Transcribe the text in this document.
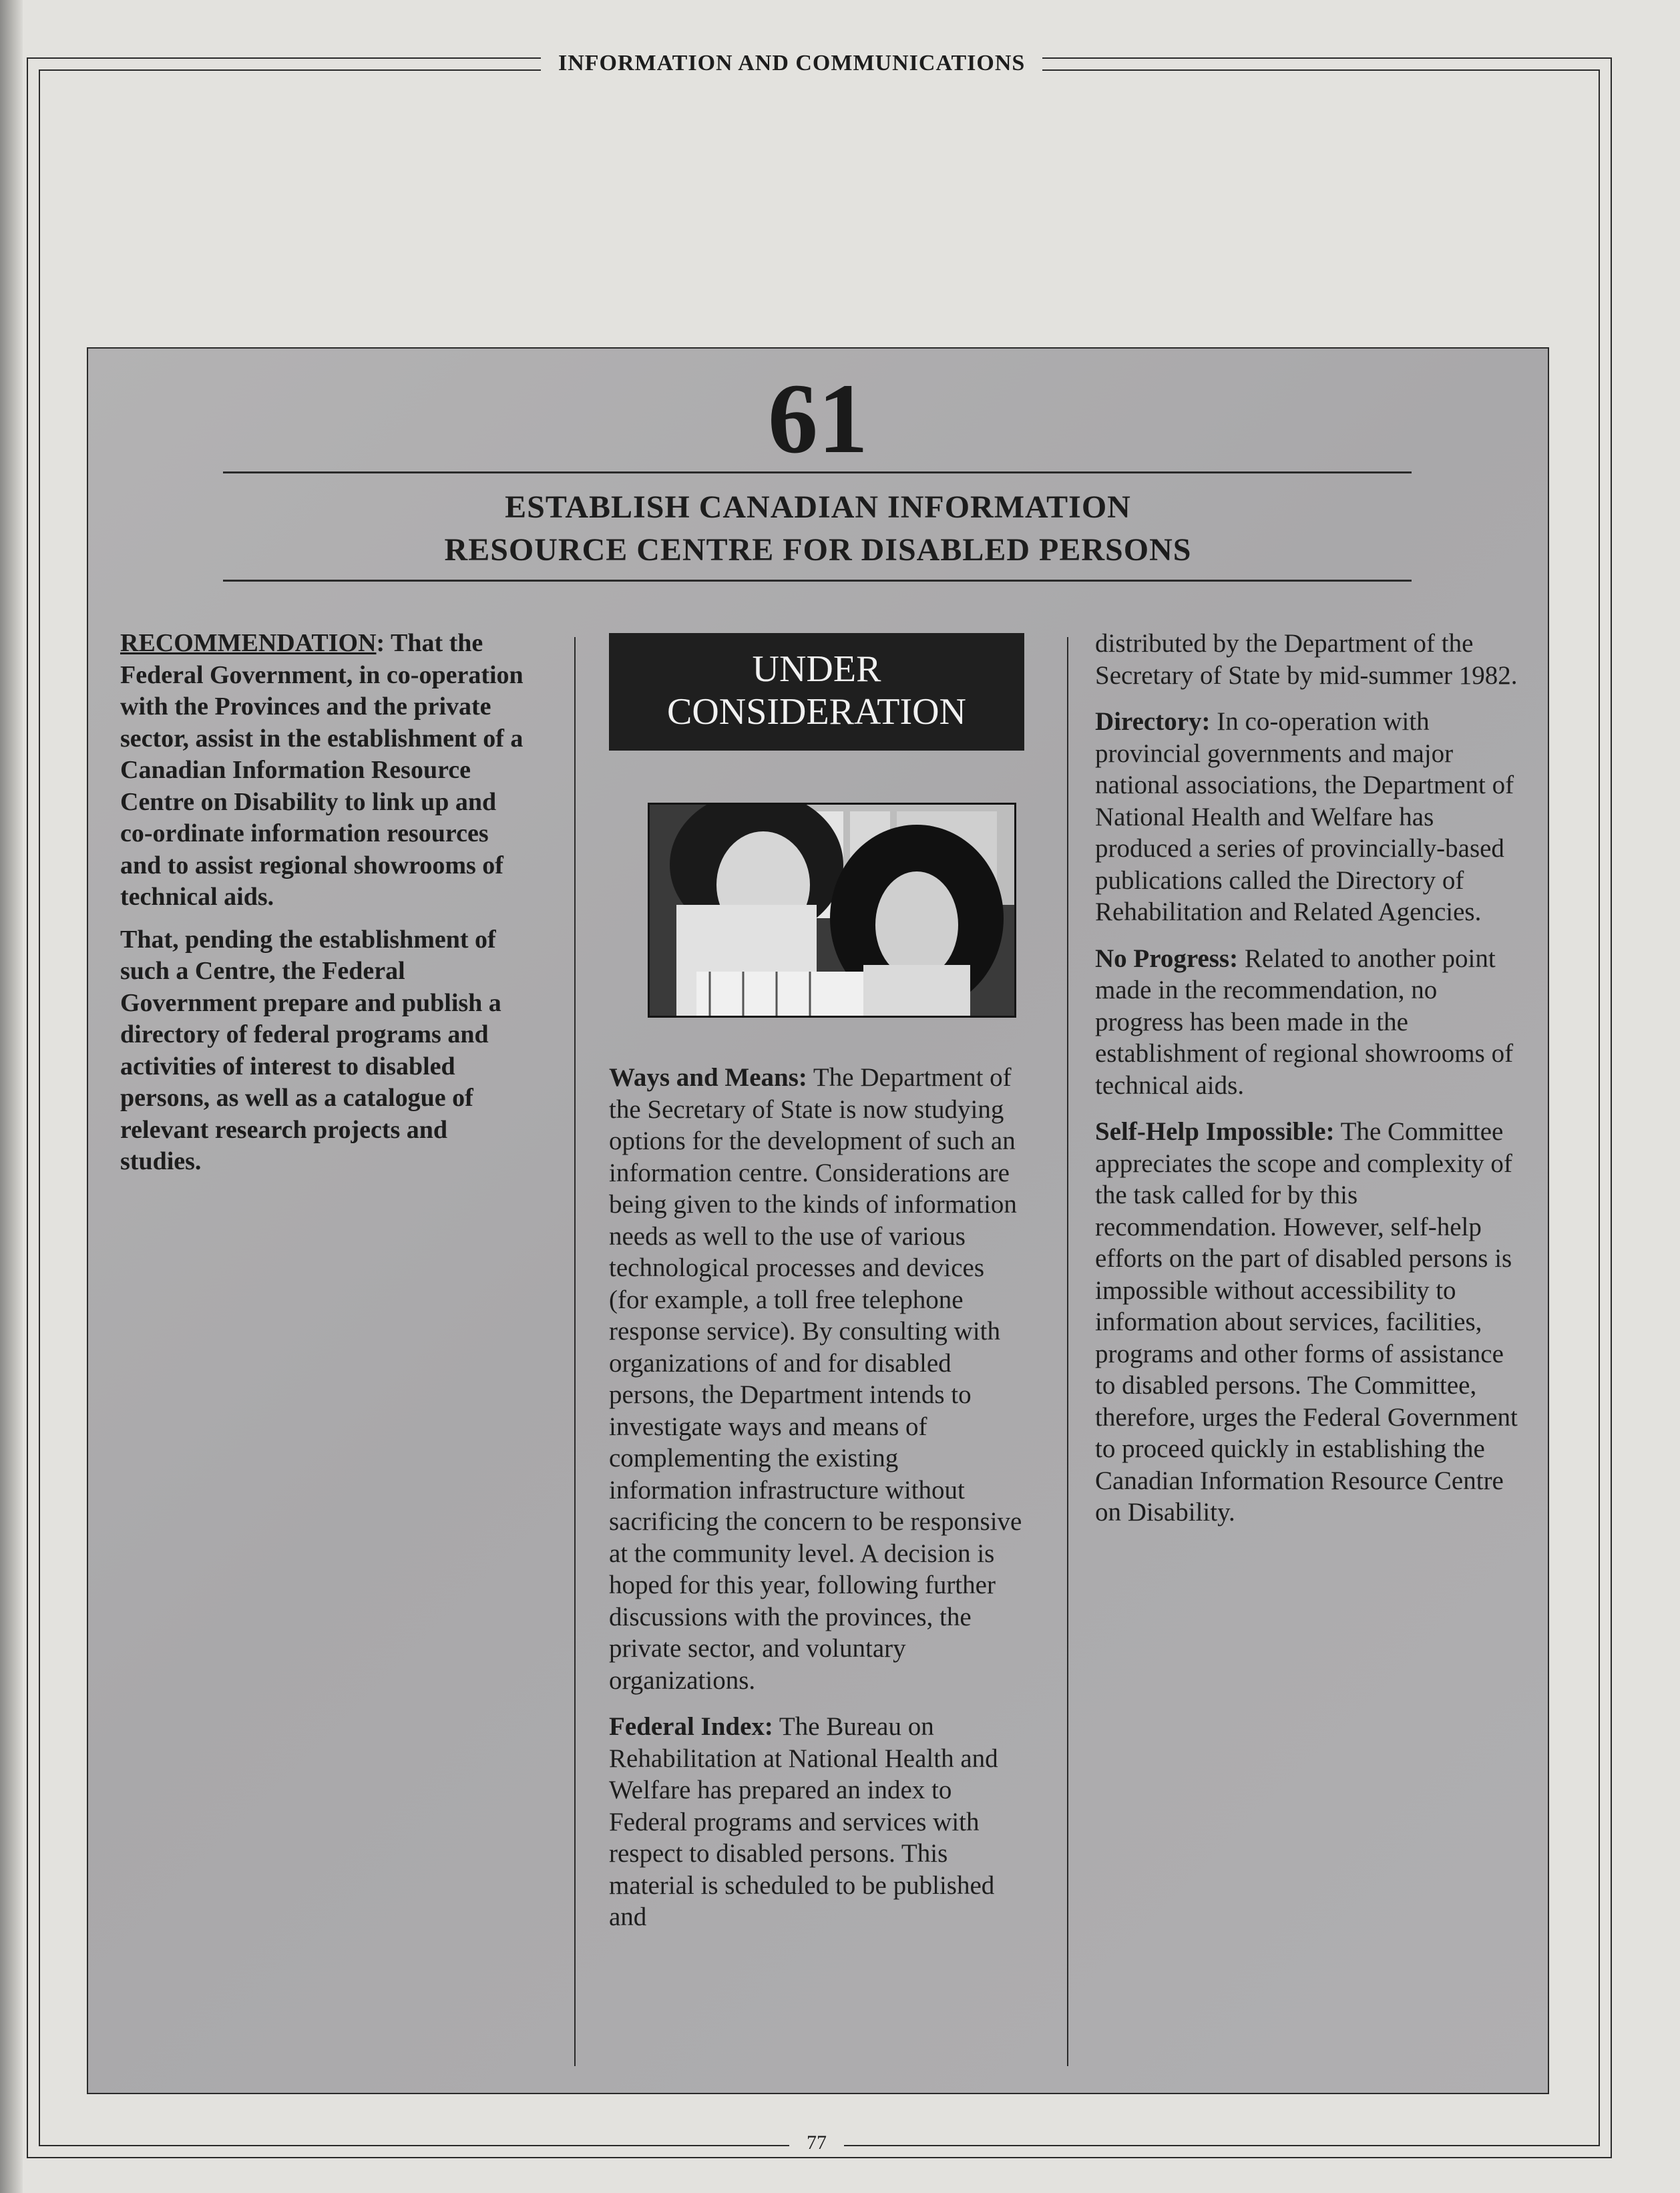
INFORMATION AND COMMUNICATIONS
77
61
ESTABLISH CANADIAN INFORMATION
RESOURCE CENTRE FOR DISABLED PERSONS

RECOMMENDATION: That the Federal Government, in co-operation with the Provinces and the private sector, assist in the establishment of a Canadian Information Resource Centre on Disability to link up and co-ordinate information resources and to assist regional showrooms of technical aids.

That, pending the establishment of such a Centre, the Federal Government prepare and publish a directory of federal programs and activities of interest to disabled persons, as well as a catalogue of relevant research projects and studies.

UNDER
CONSIDERATION

Ways and Means: The Department of the Secretary of State is now studying options for the development of such an information centre. Considerations are being given to the kinds of information needs as well to the use of various technological processes and devices (for example, a toll free telephone response service). By consulting with organizations of and for disabled persons, the Department intends to investigate ways and means of complementing the existing information infrastructure without sacrificing the concern to be responsive at the community level. A decision is hoped for this year, following further discussions with the provinces, the private sector, and voluntary organizations.

Federal Index: The Bureau on Rehabilitation at National Health and Welfare has prepared an index to Federal programs and services with respect to disabled persons. This material is scheduled to be published and

distributed by the Department of the Secretary of State by mid-summer 1982.

Directory: In co-operation with provincial governments and major national associations, the Department of National Health and Welfare has produced a series of provincially-based publications called the Directory of Rehabilitation and Related Agencies.

No Progress: Related to another point made in the recommendation, no progress has been made in the establishment of regional showrooms of technical aids.

Self-Help Impossible: The Committee appreciates the scope and complexity of the task called for by this recommendation. However, self-help efforts on the part of disabled persons is impossible without accessibility to information about services, facilities, programs and other forms of assistance to disabled persons. The Committee, therefore, urges the Federal Government to proceed quickly in establishing the Canadian Information Resource Centre on Disability.
